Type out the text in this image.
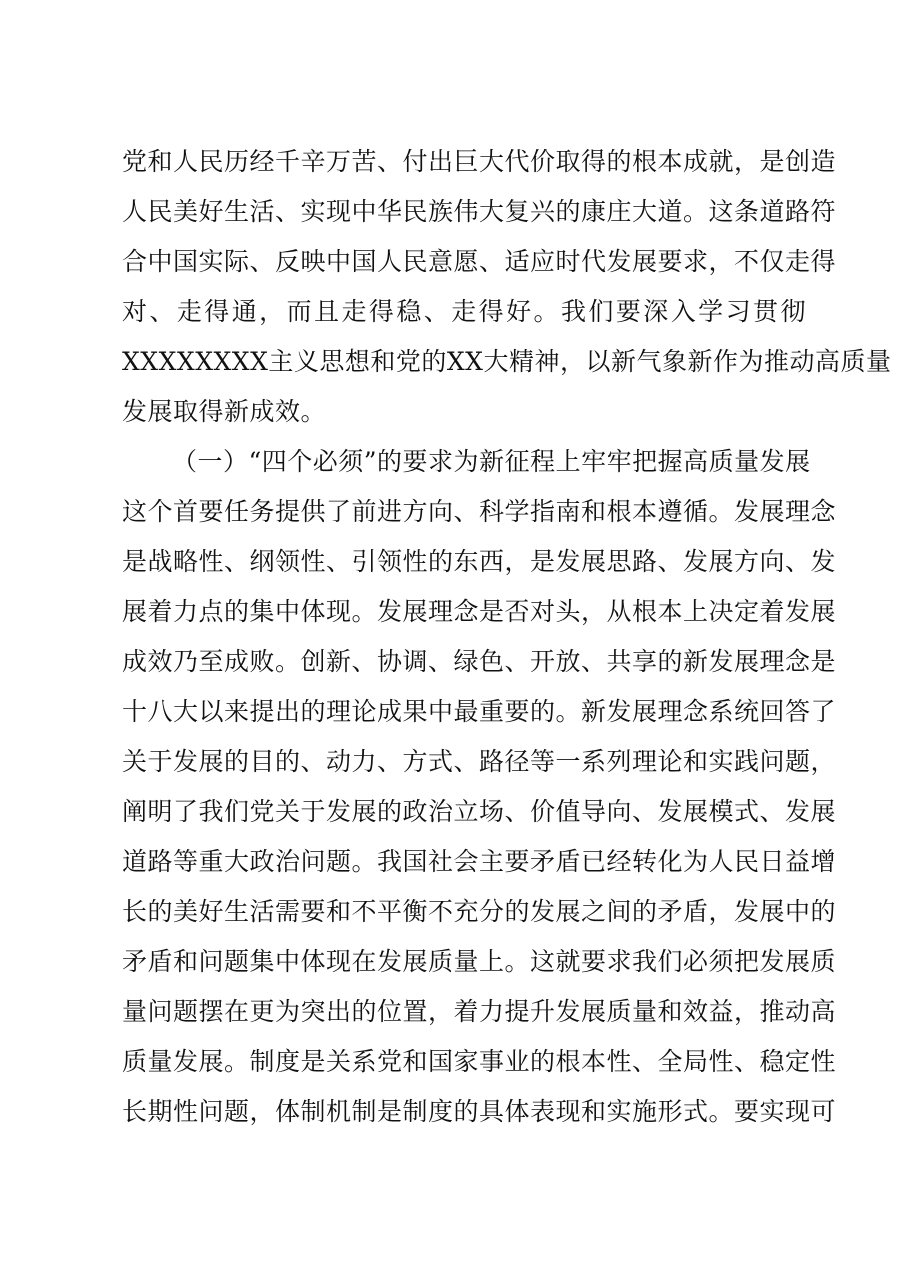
党和人民历经千辛万苦、付出巨大代价取得的根本成就，是创造
人民美好生活、实现中华民族伟大复兴的康庄大道。这条道路符
合中国实际、反映中国人民意愿、适应时代发展要求，不仅走得
对、走得通，而且走得稳、走得好。我们要深入学习贯彻
XXXXXXXX主义思想和党的XX大精神，以新气象新作为推动高质量
发展取得新成效。
（一）“四个必须”的要求为新征程上牢牢把握高质量发展
这个首要任务提供了前进方向、科学指南和根本遵循。发展理念
是战略性、纲领性、引领性的东西，是发展思路、发展方向、发
展着力点的集中体现。发展理念是否对头，从根本上决定着发展
成效乃至成败。创新、协调、绿色、开放、共享的新发展理念是
十八大以来提出的理论成果中最重要的。新发展理念系统回答了
关于发展的目的、动力、方式、路径等一系列理论和实践问题，
阐明了我们党关于发展的政治立场、价值导向、发展模式、发展
道路等重大政治问题。我国社会主要矛盾已经转化为人民日益增
长的美好生活需要和不平衡不充分的发展之间的矛盾，发展中的
矛盾和问题集中体现在发展质量上。这就要求我们必须把发展质
量问题摆在更为突出的位置，着力提升发展质量和效益，推动高
质量发展。制度是关系党和国家事业的根本性、全局性、稳定性
长期性问题，体制机制是制度的具体表现和实施形式。要实现可
